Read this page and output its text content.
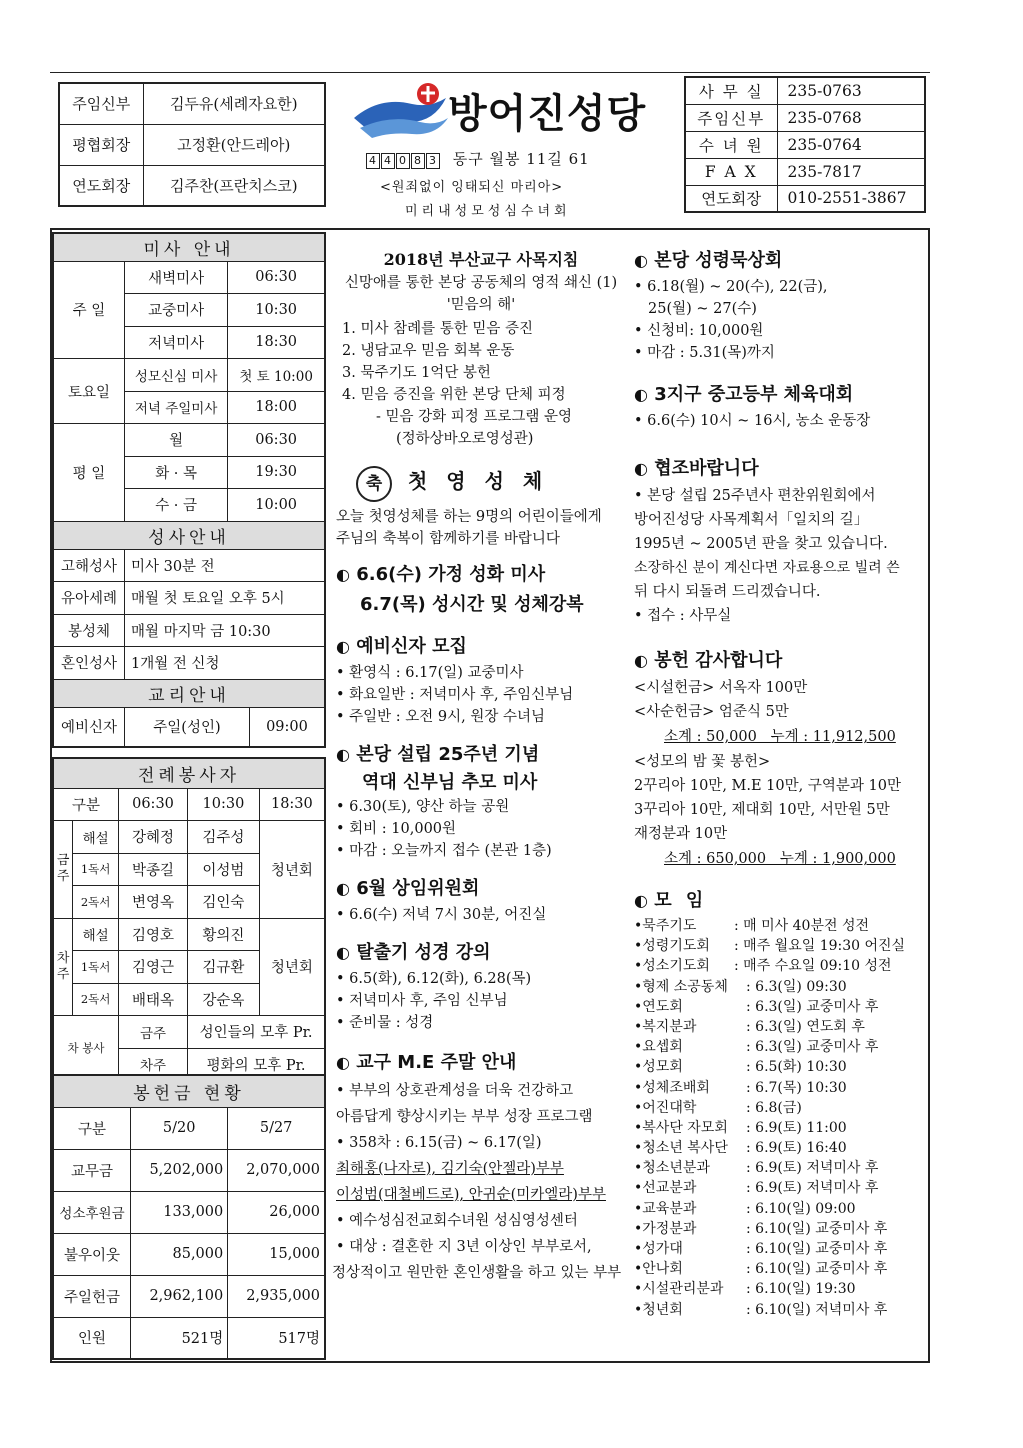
주임신부	김두유(세례자요한)
평협회장	고정환(안드레아)
연도회장	김주찬(프란치스코)
방어진성당
4 4 0 8 3 동구 월봉 11길 61
<원죄없이 잉태되신 마리아>
미리내성모성심수녀회
사 무 실	235-0763
주임신부	235-0768
수 녀 원	235-0764
F A X	235-7817
연도회장	010-2551-3867
미사 안내			
주 일	새벽미사	06:30	
	교중미사	10:30	
	저녁미사	18:30	
토요일	성모신심 미사	첫 토 10:00	
	저녁 주일미사	18:00	
평 일	월	06:30	
	화 · 목	19:30	
	수 · 금	10:00	
성사안내			
고해성사	미사 30분 전		
유아세례	매월 첫 토요일 오후 5시		
봉성체	매월 마지막 금 10:30		
혼인성사	1개월 전 신청		
교리안내			
예비신자	주일(성인)		09:00
전례봉사자				
구분		06:30	10:30	18:30
금주	해설	강혜정	김주성	청년회
	1독서	박종길	이성범	
	2독서	변영옥	김인숙	
차주	해설	김영호	황의진	청년회
	1독서	김영근	김규환	
	2독서	배태옥	강순옥	
차 봉사		금주	성인들의 모후 Pr.	
		차주	평화의 모후 Pr.	
봉헌금 현황		
구분	5/20	5/27
교무금	5,202,000	2,070,000
성소후원금	133,000	26,000
불우이웃	85,000	15,000
주일헌금	2,962,100	2,935,000
인원	521명	517명
2018년 부산교구 사목지침
신망애를 통한 본당 공동체의 영적 쇄신 (1)
'믿음의 해'
1. 미사 참례를 통한 믿음 증진
2. 냉담교우 믿음 회복 운동
3. 묵주기도 1억단 봉헌
4. 믿음 증진을 위한 본당 단체 피정
- 믿음 강화 피정 프로그램 운영
(정하상바오로영성관)
축	첫 영 성 체
오늘 첫영성체를 하는 9명의 어린이들에게
주님의 축복이 함께하기를 바랍니다
◐ 6.6(수) 가정 성화 미사
6.7(목) 성시간 및 성체강복
◐ 예비신자 모집
• 환영식 : 6.17(일) 교중미사
• 화요일반 : 저녁미사 후, 주임신부님
• 주일반 : 오전 9시, 원장 수녀님
◐ 본당 설립 25주년 기념
역대 신부님 추모 미사
• 6.30(토), 양산 하늘 공원
• 회비 : 10,000원
• 마감 : 오늘까지 접수 (본관 1층)
◐ 6월 상임위원회
• 6.6(수) 저녁 7시 30분, 어진실
◐ 탈출기 성경 강의
• 6.5(화), 6.12(화), 6.28(목)
• 저녁미사 후, 주임 신부님
• 준비물 : 성경
◐ 교구 M.E 주말 안내
• 부부의 상호관계성을 더욱 건강하고
아름답게 향상시키는 부부 성장 프로그램
• 358차 : 6.15(금) ~ 6.17(일)
최해홍(나자로), 김기숙(안젤라)부부
이성범(대철베드로), 안귀순(미카엘라)부부
• 예수성심전교회수녀원 성심영성센터
• 대상 : 결혼한 지 3년 이상인 부부로서,
정상적이고 원만한 혼인생활을 하고 있는 부부
◐ 본당 성령묵상회
• 6.18(월) ~ 20(수), 22(금),
25(월) ~ 27(수)
• 신청비: 10,000원
• 마감 : 5.31(목)까지
◐ 3지구 중고등부 체육대회
• 6.6(수) 10시 ~ 16시, 농소 운동장
◐ 협조바랍니다
• 본당 설립 25주년사 편찬위원회에서
방어진성당 사목계획서「일치의 길」
1995년 ~ 2005년 판을 찾고 있습니다.
소장하신 분이 계신다면 자료용으로 빌려 쓴
뒤 다시 되돌려 드리겠습니다.
• 접수 : 사무실
◐ 봉헌 감사합니다
<시설헌금> 서옥자 100만
<사순헌금> 엄준식 5만
소계 : 50,000   누계 : 11,912,500
<성모의 밤 꽃 봉헌>
2꾸리아 10만, M.E 10만, 구역분과 10만
3꾸리아 10만, 제대회 10만, 서만원 5만
재정분과 10만
소계 : 650,000   누계 : 1,900,000
◐ 모 임
•묵주기도	: 매 미사 40분전 성전
•성령기도회 : 매주 월요일 19:30 어진실
•성소기도회 : 매주 수요일 09:10 성전
•형제 소공동체 : 6.3(일) 09:30
•연도회	: 6.3(일) 교중미사 후
•복지분과	: 6.3(일) 연도회 후
•요셉회	: 6.3(일) 교중미사 후
•성모회	: 6.5(화) 10:30
•성체조배회	: 6.7(목) 10:30
•어진대학	: 6.8(금)
•복사단 자모회 : 6.9(토) 11:00
•청소년 복사단 : 6.9(토) 16:40
•청소년분과	: 6.9(토) 저녁미사 후
•선교분과	: 6.9(토) 저녁미사 후
•교육분과	: 6.10(일) 09:00
•가정분과	: 6.10(일) 교중미사 후
•성가대	: 6.10(일) 교중미사 후
•안나회	: 6.10(일) 교중미사 후
•시설관리분과 : 6.10(일) 19:30
•청년회	: 6.10(일) 저녁미사 후
